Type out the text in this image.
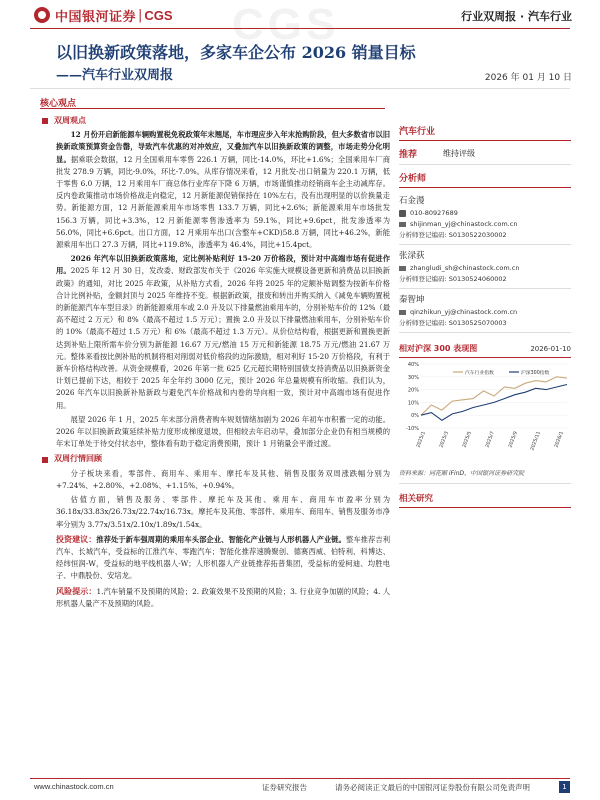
中国银河证券 | CGS CGS	行业双周报 · 汽车行业
以旧换新政策落地，多家车企公布 2026 销量目标
——汽车行业双周报	2026 年 01 月 10 日
核心观点
双周观点
12 月份开启新能源车辆购置税免税政策年末翘尾，车市理应步入年末抢购阶段，但大多数省市以旧换新政策预算资金告罄，导致汽车优惠的对冲效应，又叠加汽车以旧换新政策的调整，市场走势分化明显。据乘联会数据，12 月全国乘用车零售 226.1 万辆，同比-14.0%，环比+1.6%；全国乘用车厂商批发 278.9 万辆，同比-9.0%，环比-7.0%。从库存情况来看，12 月批发-出口销量为 220.1 万辆，低于零售 6.0 万辆，12 月乘用车厂商总体行业库存下降 6 万辆，市场谨慎推动经销商车企主动减库存。反内卷政策推动市场价格战走向稳定，12 月新能源促销保持在 10%左右，没有出现明显的以价换量走势。新能源方面，12 月新能源乘用车市场零售 133.7 万辆，同比+2.6%；新能源乘用车市场批发 156.3 万辆，同比+3.3%，12 月新能源零售渗透率为 59.1%，同比+9.6pct，批发渗透率为 56.0%，同比+6.6pct。出口方面，12 月乘用车出口(含整车+CKD)58.8 万辆，同比+46.2%，新能源乘用车出口 27.3 万辆，同比+119.8%，渗透率为 46.4%，同比+15.4pct。
2026 年汽车以旧换新政策落地，定比例补贴利好 15-20 万价格段，预计对中高端市场有促进作用。2025 年 12 月 30 日，发改委、财政部发布关于《2026 年实施大规模设备更新和消费品以旧换新政策》的通知，对比 2025 年政策，从补贴方式看，2026 年将 2025 年的定额补贴调整为按新车价格合计比例补贴，金额封顶与 2025 年维持不变。根据新政策，报废和转出并购买纳入《减免车辆购置税的新能源汽车车型目录》的新能源乘用车或 2.0 升及以下排量燃油乘用车的，分别补贴车价的 12%（最高不超过 2 万元）和 8%（最高不超过 1.5 万元）；置换 2.0 升及以下排量燃油乘用车，分别补贴车价的 10%（最高不超过 1.5 万元）和 6%（最高不超过 1.3 万元）。从价位结构看，根据更新和置换更新达到补贴上限所需车价分别为新能源 16.67 万元/燃油 15 万元和新能源 18.75 万元/燃油 21.67 万元。整体来看按比例补贴的机制将相对削弱对低价格段的边际激励，相对利好 15-20 万价格段，有利于新车价格结构改善。从资金规模看，2026 年第一批 625 亿元超长期特别国债支持消费品以旧换新资金计划已提前下达，相较于 2025 年全年约 3000 亿元，预计 2026 年总量规模有所收缩。我们认为，2026 年汽车以旧换新补贴新政与避免汽车价格战和内卷的导向相一致，预计对中高端市场有促进作用。
展望 2026 年 1 月，2025 年末部分消费者购车规划情绪加剧为 2026 年初车市积蓄一定的动能。2026 年以旧换新政策延续补贴力度形成梯度退坡，但相较去年启动早，叠加部分企业仍有相当规模的年末订单处于待交付状态中，整体看有助于稳定消费预期，预计 1 月销量会平滑过渡。
双周行情回顾
分子板块来看，零部件、商用车、乘用车、摩托车及其他、销售及服务双周涨跌幅分别为+7.24%、+2.80%、+2.08%、+1.15%、+0.94%。
估值方面，销售及服务、零部件、摩托车及其他、乘用车、商用车市盈率分别为 36.18x/33.83x/26.73x/22.74x/16.73x。摩托车及其他、零部件、乘用车、商用车、销售及服务市净率分别为 3.77x/3.51x/2.10x/1.89x/1.54x。
投资建议：推荐处于新车强周期的乘用车头部企业、智能化产业链与人形机器人产业链。整车推荐吉利汽车、长城汽车，受益标的江淮汽车、零跑汽车；智能化推荐速腾聚创、德赛西威、伯特利、科博达、经纬恒润-W，受益标的地平线机器人-W；人形机器人产业链推荐拓普集团，受益标的爱柯迪、均胜电子、中鼎股份、安培龙。
风险提示：1.汽车销量不及预期的风险；2. 政策效果不及预期的风险；3. 行业竞争加剧的风险；4. 人形机器人量产不及预期的风险。
汽车行业
推荐	维持评级
分析师
石金漫
010-80927689
shijinman_yj@chinastock.com.cn
分析师登记编码: S0130522030002
张渌荻
zhangludi_sh@chinastock.com.cn
分析师登记编码: S0130524060002
秦智坤
qinzhikun_yj@chinastock.com.cn
分析师登记编码: S0130525070003
相对沪深 300 表现图	2026-01-10
40%
30%
20%
10%
0%
-10%
2025/1	2025/3	2025/5	2025/7	2025/9 2025/11	2026/1
汽车行业指数	沪深300指数
资料来源：同花顺 iFinD，中国银河证券研究院
相关研究
www.chinastock.com.cn	证券研究报告	请务必阅读正文最后的中国银河证券股份有限公司免责声明	1
